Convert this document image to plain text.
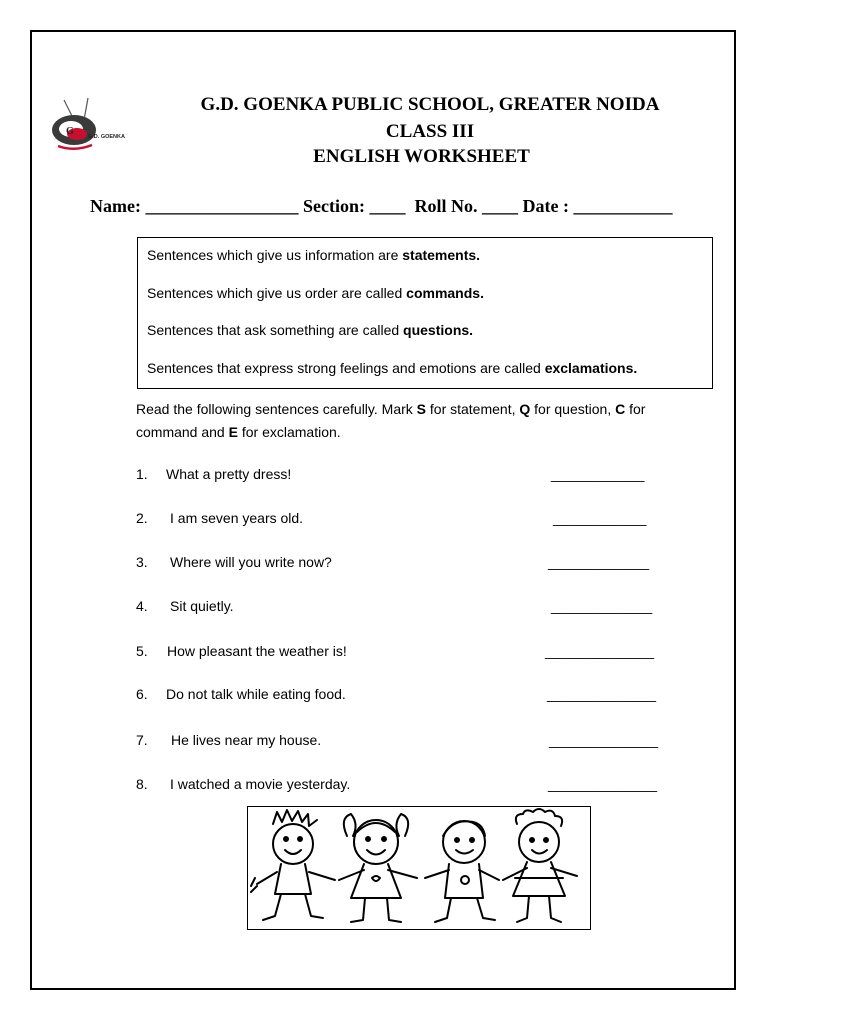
G	G.D. GOENKA
G.D. GOENKA PUBLIC SCHOOL, GREATER NOIDA
CLASS III
ENGLISH WORKSHEET
Name: _________________ Section: ____  Roll No. ____ Date : ___________
Sentences which give us information are statements.
Sentences which give us order are called commands.
Sentences that ask something are called questions.
Sentences that express strong feelings and emotions are called exclamations.
Read the following sentences carefully. Mark S for statement, Q for question, C for command and E for exclamation.
1. What a pretty dress!	____________
2. I am seven years old.	____________
3. Where will you write now?	_____________
4. Sit quietly.	_____________
5. How pleasant the weather is!	______________
6. Do not talk while eating food.	______________
7. He lives near my house.	______________
8. I watched a movie yesterday.	______________
